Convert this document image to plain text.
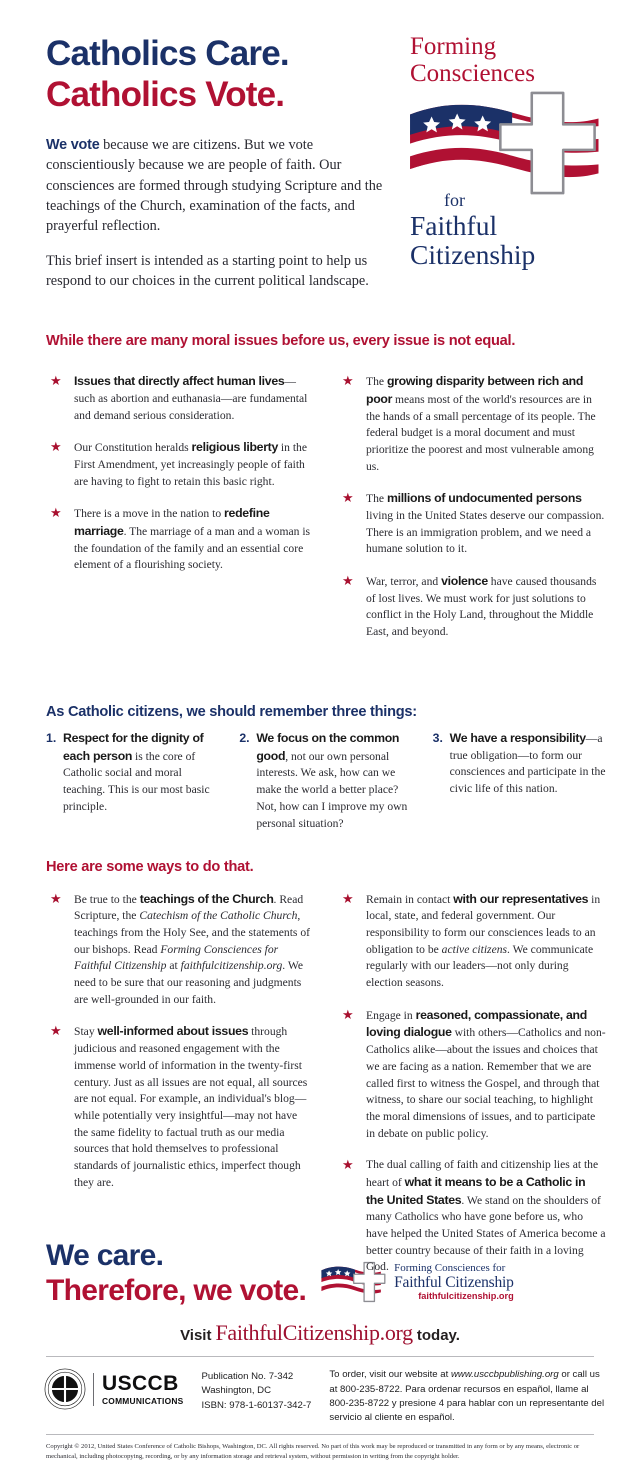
Catholics Care.
Catholics Vote.

We vote because we are citizens. But we vote conscientiously because we are people of faith. Our consciences are formed through studying Scripture and the teachings of the Church, examination of the facts, and prayerful reflection.

This brief insert is intended as a starting point to help us respond to our choices in the current political landscape.

Forming
Consciences
for
Faithful
Citizenship
While there are many moral issues before us, every issue is not equal.
★ Issues that directly affect human lives—such as abortion and euthanasia—are fundamental and demand serious consideration.
★ Our Constitution heralds religious liberty in the First Amendment, yet increasingly people of faith are having to fight to retain this basic right.
★ There is a move in the nation to redefine marriage. The marriage of a man and a woman is the foundation of the family and an essential core element of a flourishing society.
★ The growing disparity between rich and poor means most of the world's resources are in the hands of a small percentage of its people. The federal budget is a moral document and must prioritize the poorest and most vulnerable among us.
★ The millions of undocumented persons living in the United States deserve our compassion. There is an immigration problem, and we need a humane solution to it.
★ War, terror, and violence have caused thousands of lost lives. We must work for just solutions to conflict in the Holy Land, throughout the Middle East, and beyond.
As Catholic citizens, we should remember three things:
1. Respect for the dignity of each person is the core of Catholic social and moral teaching. This is our most basic principle.
2. We focus on the common good, not our own personal interests. We ask, how can we make the world a better place? Not, how can I improve my own personal situation?
3. We have a responsibility—a true obligation—to form our consciences and participate in the civic life of this nation.
Here are some ways to do that.
★ Be true to the teachings of the Church. Read Scripture, the Catechism of the Catholic Church, teachings from the Holy See, and the statements of our bishops. Read Forming Consciences for Faithful Citizenship at faithfulcitizenship.org. We need to be sure that our reasoning and judgments are well-grounded in our faith.
★ Stay well-informed about issues through judicious and reasoned engagement with the immense world of information in the twenty-first century. Just as all issues are not equal, all sources are not equal. For example, an individual's blog—while potentially very insightful—may not have the same fidelity to factual truth as our media sources that hold themselves to professional standards of journalistic ethics, imperfect though they are.
★ Remain in contact with our representatives in local, state, and federal government. Our responsibility to form our consciences leads to an obligation to be active citizens. We communicate regularly with our leaders—not only during election seasons.
★ Engage in reasoned, compassionate, and loving dialogue with others—Catholics and non-Catholics alike—about the issues and choices that we are facing as a nation. Remember that we are called first to witness the Gospel, and through that witness, to share our social teaching, to highlight the moral dimensions of issues, and to participate in debate on public policy.
★ The dual calling of faith and citizenship lies at the heart of what it means to be a Catholic in the United States. We stand on the shoulders of many Catholics who have gone before us, who have helped the United States of America become a better country because of their faith in a loving God.
We care.
Therefore, we vote.
Forming Consciences for
Faithful Citizenship
faithfulcitizenship.org
Visit FaithfulCitizenship.org today.
USCCB
COMMUNICATIONS
Publication No. 7-342
Washington, DC
ISBN: 978-1-60137-342-7
To order, visit our website at www.usccbpublishing.org or call us at 800-235-8722. Para ordenar recursos en español, llame al 800-235-8722 y presione 4 para hablar con un representante del servicio al cliente en español.
Copyright © 2012, United States Conference of Catholic Bishops, Washington, DC. All rights reserved. No part of this work may be reproduced or transmitted in any form or by any means, electronic or mechanical, including photocopying, recording, or by any information storage and retrieval system, without permission in writing from the copyright holder.
